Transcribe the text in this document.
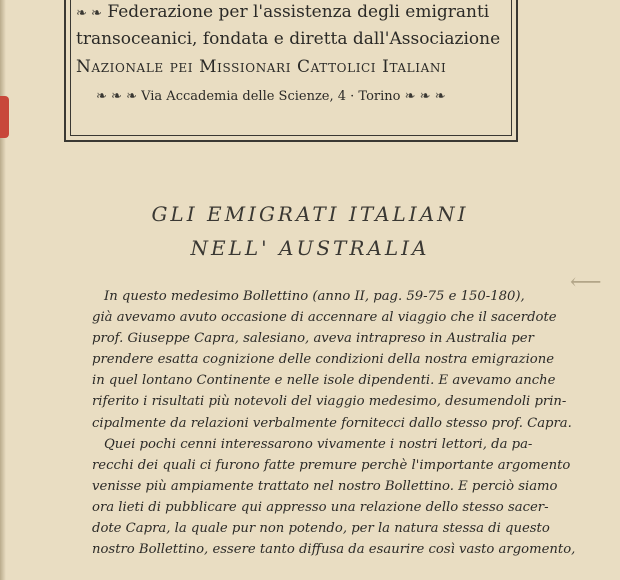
❧ ❧ Federazione per l'assistenza degli emigranti
transoceanici, fondata e diretta dall'Associazione
Nazionale pei Missionari Cattolici Italiani
❧ ❧ ❧ Via Accademia delle Scienze, 4 · Torino ❧ ❧ ❧
GLI EMIGRATI ITALIANI
NELL' AUSTRALIA
⟵
In questo medesimo Bollettino (anno II, pag. 59-75 e 150-180),
già avevamo avuto occasione di accennare al viaggio che il sacerdote
prof. Giuseppe Capra, salesiano, aveva intrapreso in Australia per
prendere esatta cognizione delle condizioni della nostra emigrazione
in quel lontano Continente e nelle isole dipendenti. E avevamo anche
riferito i risultati più notevoli del viaggio medesimo, desumendoli prin-
cipalmente da relazioni verbalmente fornitecci dallo stesso prof. Capra.
Quei pochi cenni interessarono vivamente i nostri lettori, da pa-
recchi dei quali ci furono fatte premure perchè l'importante argomento
venisse più ampiamente trattato nel nostro Bollettino. E perciò siamo
ora lieti di pubblicare qui appresso una relazione dello stesso sacer-
dote Capra, la quale pur non potendo, per la natura stessa di questo
nostro Bollettino, essere tanto diffusa da esaurire così vasto argomento,
